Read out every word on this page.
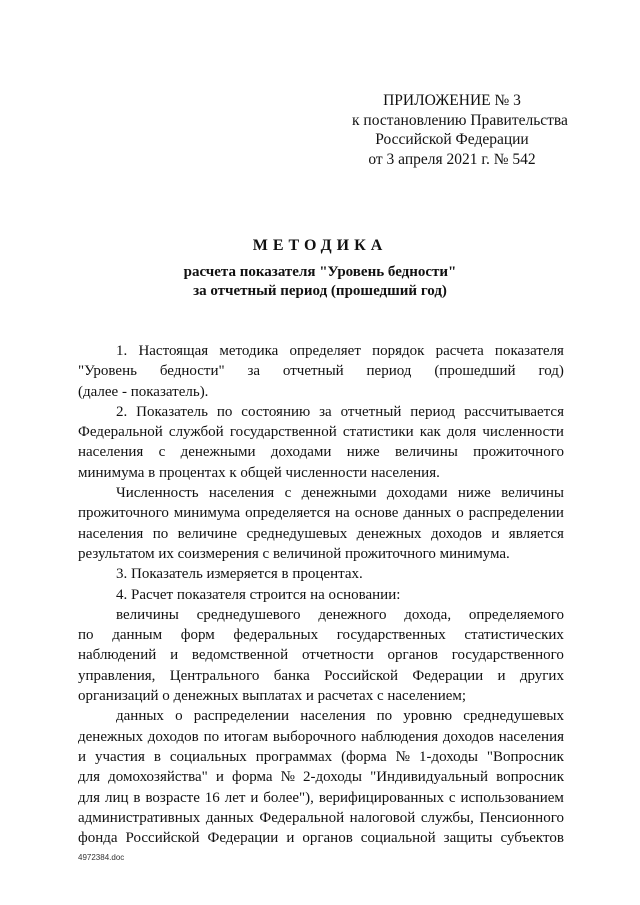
ПРИЛОЖЕНИЕ № 3
к постановлению Правительства
Российской Федерации
от 3 апреля 2021 г. № 542
МЕТОДИКА
расчета показателя "Уровень бедности"
за отчетный период (прошедший год)
1. Настоящая методика определяет порядок расчета показателя
"Уровень бедности" за отчетный период (прошедший год)
(далее - показатель).
2. Показатель по состоянию за отчетный период рассчитывается
Федеральной службой государственной статистики как доля численности
населения с денежными доходами ниже величины прожиточного
минимума в процентах к общей численности населения.
Численность населения с денежными доходами ниже величины
прожиточного минимума определяется на основе данных о распределении
населения по величине среднедушевых денежных доходов и является
результатом их соизмерения с величиной прожиточного минимума.
3. Показатель измеряется в процентах.
4. Расчет показателя строится на основании:
величины среднедушевого денежного дохода, определяемого
по данным форм федеральных государственных статистических
наблюдений и ведомственной отчетности органов государственного
управления, Центрального банка Российской Федерации и других
организаций о денежных выплатах и расчетах с населением;
данных о распределении населения по уровню среднедушевых
денежных доходов по итогам выборочного наблюдения доходов населения
и участия в социальных программах (форма № 1-доходы "Вопросник
для домохозяйства" и форма № 2-доходы "Индивидуальный вопросник
для лиц в возрасте 16 лет и более"), верифицированных с использованием
административных данных Федеральной налоговой службы, Пенсионного
фонда Российской Федерации и органов социальной защиты субъектов
4972384.doc
